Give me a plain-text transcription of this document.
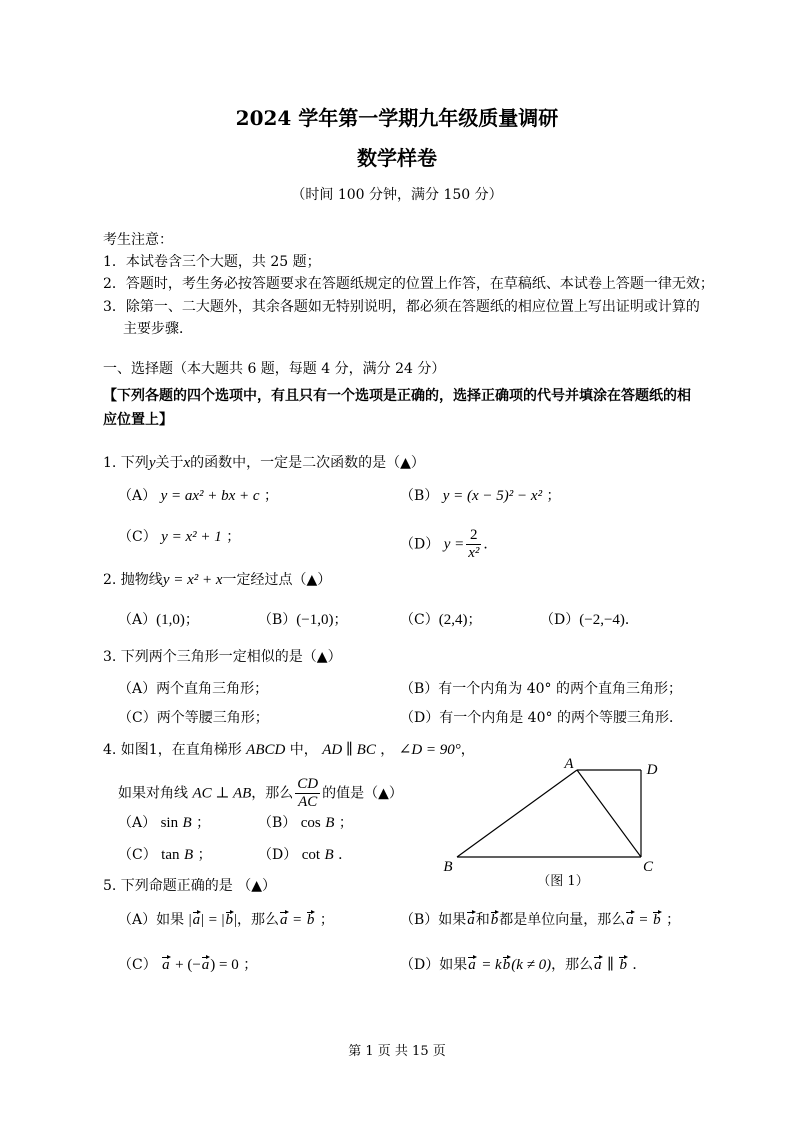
2024 学年第一学期九年级质量调研
数学样卷
（时间 100 分钟，满分 150 分）
考生注意：
1．本试卷含三个大题，共 25 题；
2．答题时，考生务必按答题要求在答题纸规定的位置上作答，在草稿纸、本试卷上答题一律无效；
3．除第一、二大题外，其余各题如无特别说明，都必须在答题纸的相应位置上写出证明或计算的
主要步骤．
一、选择题（本大题共 6 题，每题 4 分，满分 24 分）
【下列各题的四个选项中，有且只有一个选项是正确的，选择正确项的代号并填涂在答题纸的相
应位置上】
1. 下列y关于x的函数中，一定是二次函数的是（▲）
（A） y = ax² + bx + c ；	（B） y = (x − 5)² − x² ；
（C） y = x² + 1 ；	（D） $y = \frac{2}{\text{x²}}$ ．
2. 抛物线y = x² + x一定经过点（▲）
（A）(1,0)；	（B）(−1,0)；	（C）(2,4)；	（D）(−2,−4)．
3. 下列两个三角形一定相似的是（▲）
（A）两个直角三角形；	（B）有一个内角为 40° 的两个直角三角形；
（C）两个等腰三角形；	（D）有一个内角是 40° 的两个等腰三角形．
4. 如图1，在直角梯形 ABCD 中， AD ∥ BC ， ∠D = 90°，
如果对角线 AC ⊥ AB，那么 $\frac{CD}{AC}$ 的值是（▲）
（A） sin B ；	（B） cos B ；
（C） tan B ；	（D） cot B ．
A	D
B	C
（图 1）
5. 下列命题正确的是 （▲）
（A）如果 |a| = |b|，那么a = b ；	（B）如果a和b都是单位向量，那么a = b ；
（C） a + (−a) = 0 ；	（D）如果a = kb(k ≠ 0)，那么a ∥ b ．
第 1 页 共 15 页
